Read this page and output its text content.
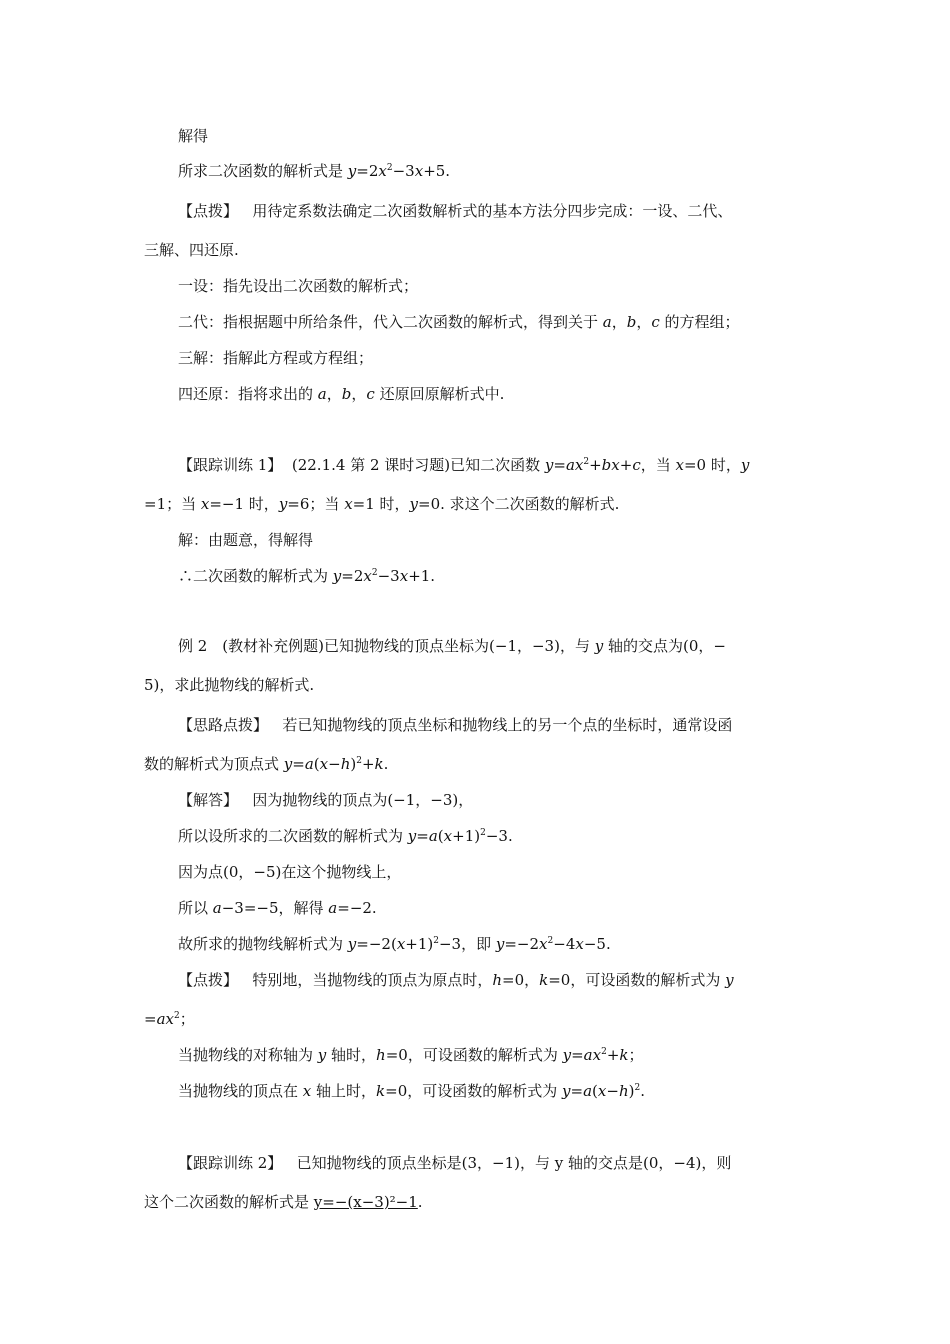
解得
所求二次函数的解析式是 $y=2x^2-3x+5$.
【点拨】 用待定系数法确定二次函数解析式的基本方法分四步完成：一设、二代、
三解、四还原.
一设：指先设出二次函数的解析式；
二代：指根据题中所给条件，代入二次函数的解析式，得到关于 a，b，c 的方程组；
三解：指解此方程或方程组；
四还原：指将求出的 a，b，c 还原回原解析式中.
【跟踪训练 1】 (22.1.4 第 2 课时习题)已知二次函数 $y=ax^2+bx+c$，当 x=0 时，y
=1；当 x=−1 时，y=6；当 x=1 时，y=0. 求这个二次函数的解析式.
解：由题意，得解得
∴二次函数的解析式为 $y=2x^2-3x+1$.
例 2　(教材补充例题)已知抛物线的顶点坐标为(−1，−3)，与 y 轴的交点为(0，−
5)，求此抛物线的解析式.
【思路点拨】 若已知抛物线的顶点坐标和抛物线上的另一个点的坐标时，通常设函
数的解析式为顶点式 $y=a(x-h)^2+k$.
【解答】 因为抛物线的顶点为(−1，−3)，
所以设所求的二次函数的解析式为 $y=a(x+1)^2-3$.
因为点(0，−5)在这个抛物线上，
所以 a−3=−5，解得 a=−2.
故所求的抛物线解析式为 $y=-2(x+1)^2-3$，即 $y=-2x^2-4x-5$.
【点拨】 特别地，当抛物线的顶点为原点时，h=0，k=0，可设函数的解析式为 y
$=ax^2$；
当抛物线的对称轴为 y 轴时，h=0，可设函数的解析式为 $y=ax^2+k$；
当抛物线的顶点在 x 轴上时，k=0，可设函数的解析式为 $y=a(x-h)^2$.
【跟踪训练 2】 已知抛物线的顶点坐标是(3，−1)，与 y 轴的交点是(0，−4)，则
这个二次函数的解析式是 y=−(x−3)²−1.
